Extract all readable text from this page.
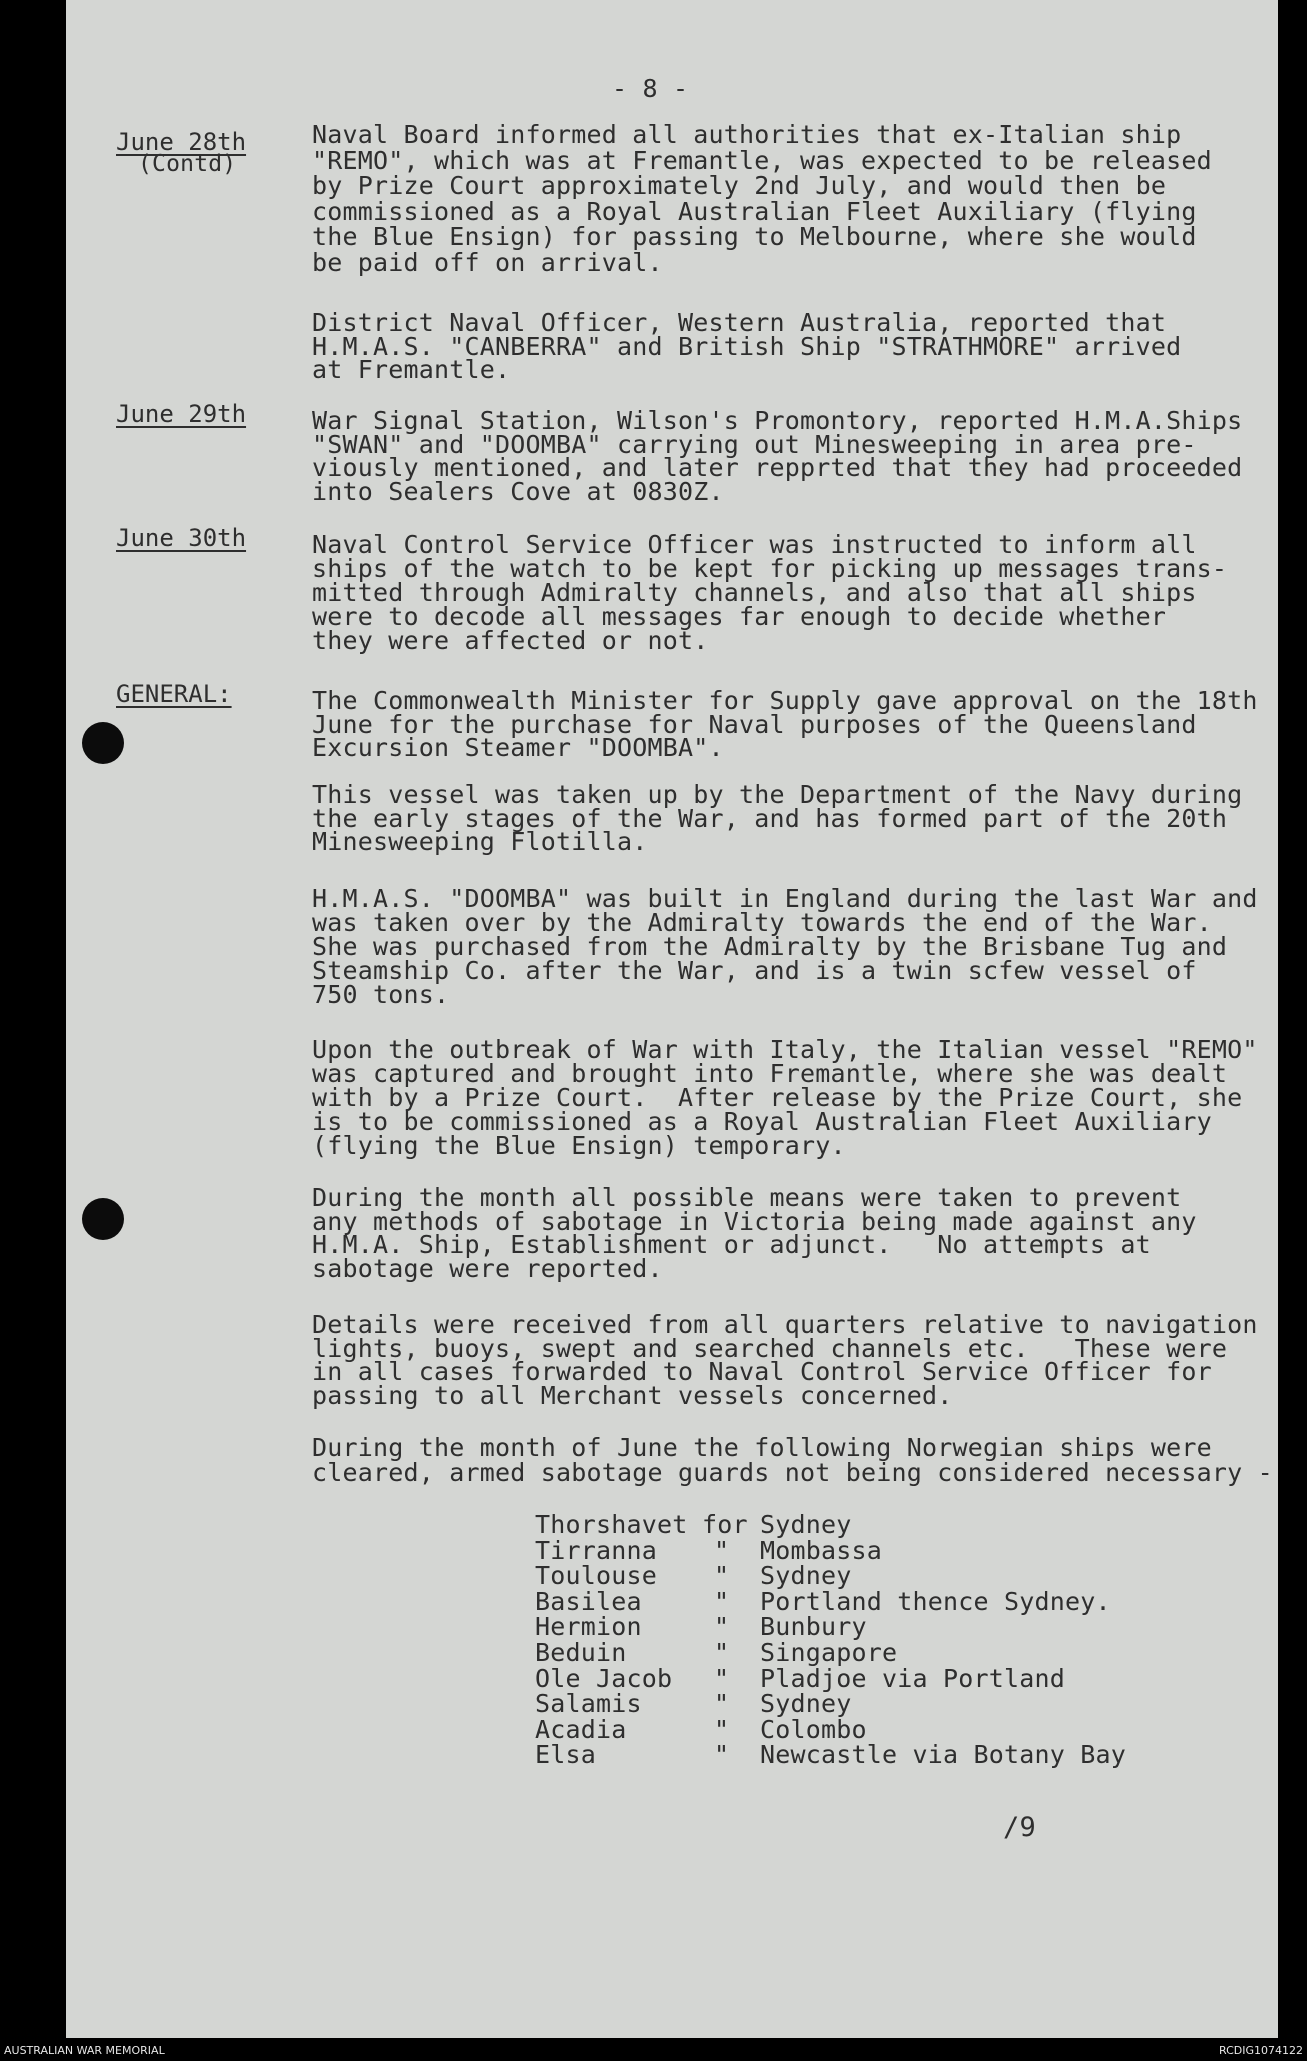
- 8 -
June 28th
(Contd)
Naval Board informed all authorities that ex-Italian ship
"REMO", which was at Fremantle, was expected to be released
by Prize Court approximately 2nd July, and would then be
commissioned as a Royal Australian Fleet Auxiliary (flying
the Blue Ensign) for passing to Melbourne, where she would
be paid off on arrival.
District Naval Officer, Western Australia, reported that
H.M.A.S. "CANBERRA" and British Ship "STRATHMORE" arrived
at Fremantle.
June 29th	War Signal Station, Wilson's Promontory, reported H.M.A.Ships
"SWAN" and "DOOMBA" carrying out Minesweeping in area pre-
viously mentioned, and later repprted that they had proceeded
into Sealers Cove at 0830Z.
June 30th	Naval Control Service Officer was instructed to inform all
ships of the watch to be kept for picking up messages trans-
mitted through Admiralty channels, and also that all ships
were to decode all messages far enough to decide whether
they were affected or not.
GENERAL:	The Commonwealth Minister for Supply gave approval on the 18th
June for the purchase for Naval purposes of the Queensland
Excursion Steamer "DOOMBA".
This vessel was taken up by the Department of the Navy during
the early stages of the War, and has formed part of the 20th
Minesweeping Flotilla.
H.M.A.S. "DOOMBA" was built in England during the last War and
was taken over by the Admiralty towards the end of the War.
She was purchased from the Admiralty by the Brisbane Tug and
Steamship Co. after the War, and is a twin scfew vessel of
750 tons.
Upon the outbreak of War with Italy, the Italian vessel "REMO"
was captured and brought into Fremantle, where she was dealt
with by a Prize Court.  After release by the Prize Court, she
is to be commissioned as a Royal Australian Fleet Auxiliary
(flying the Blue Ensign) temporary.
During the month all possible means were taken to prevent
any methods of sabotage in Victoria being made against any
H.M.A. Ship, Establishment or adjunct.   No attempts at
sabotage were reported.
Details were received from all quarters relative to navigation
lights, buoys, swept and searched channels etc.   These were
in all cases forwarded to Naval Control Service Officer for
passing to all Merchant vessels concerned.
During the month of June the following Norwegian ships were
cleared, armed sabotage guards not being considered necessary -
Thorshavet for Sydney
Tirranna " Mombassa
Toulouse " Sydney
Basilea	" Portland thence Sydney.
Hermion	" Bunbury
Beduin	" Singapore
Ole Jacob " Pladjoe via Portland
Salamis	" Sydney
Acadia	" Colombo
Elsa	" Newcastle via Botany Bay
/9
AUSTRALIAN WAR MEMORIAL	RCDIG1074122
